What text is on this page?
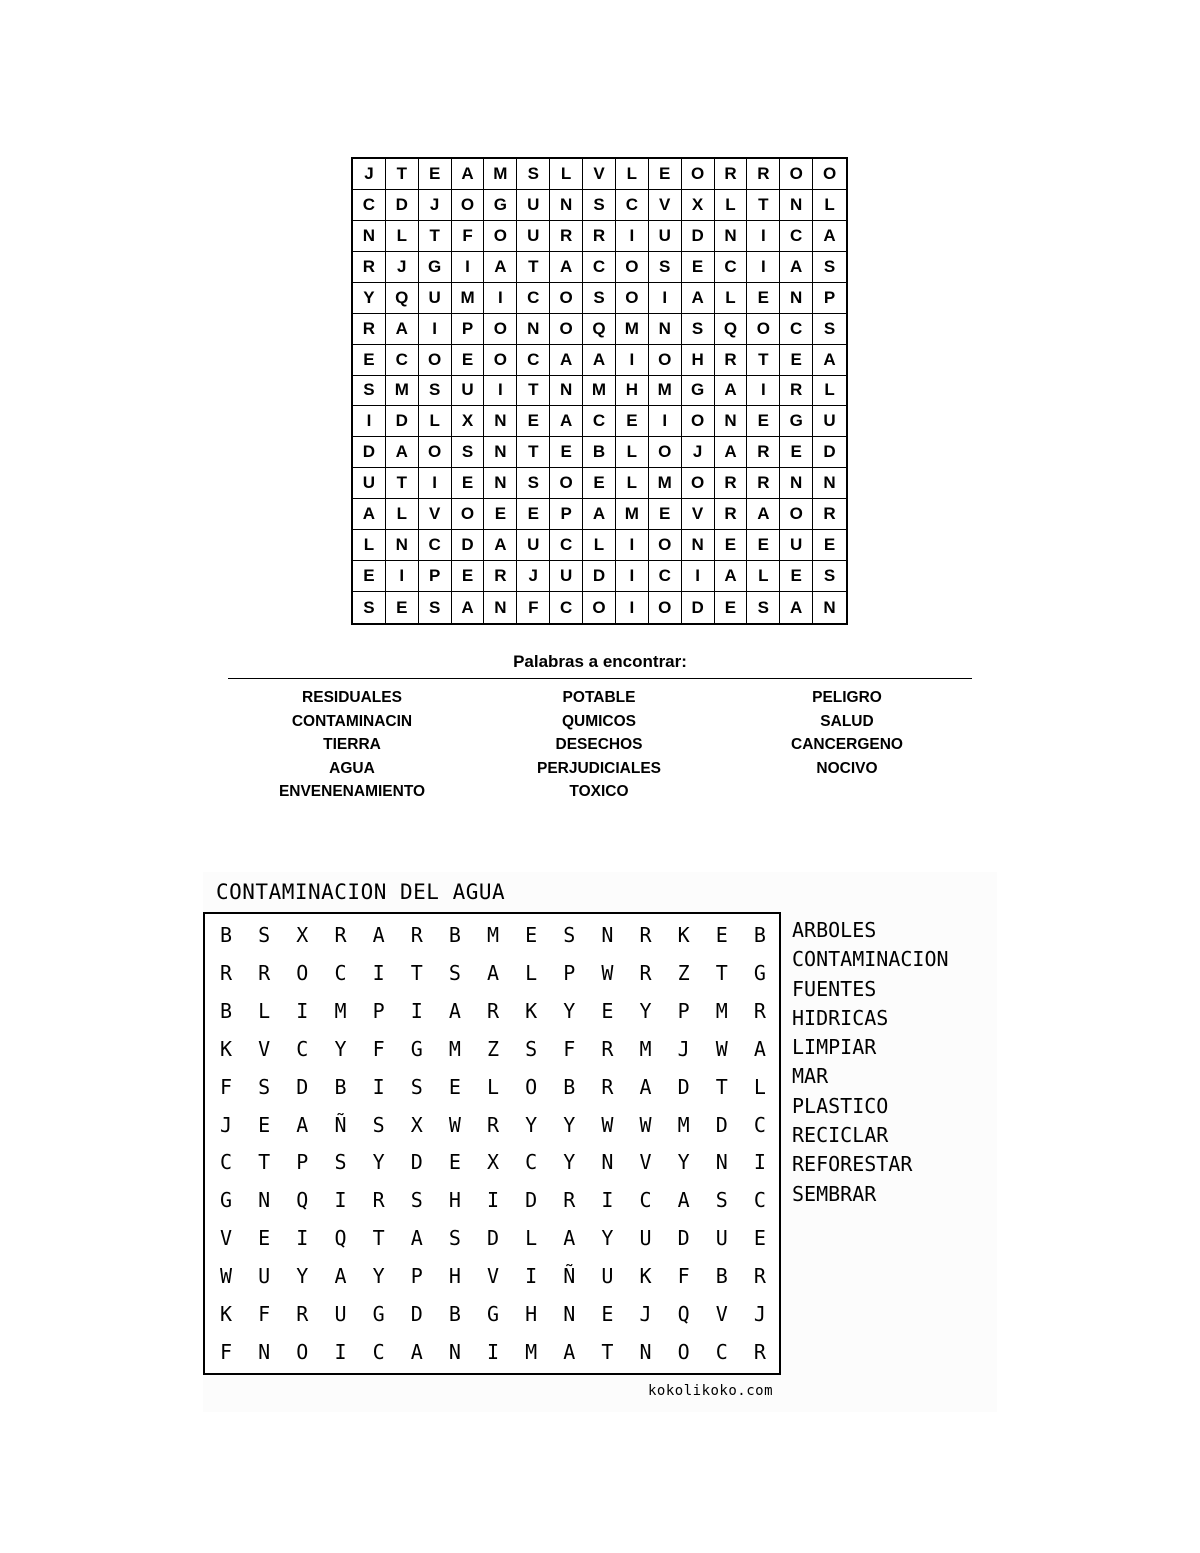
J	T	E	A	M	S	L	V	L	E	O	R	R	O	O
C	D	J	O	G	U	N	S	C	V	X	L	T	N	L
N	L	T	F	O	U	R	R	I	U	D	N	I	C	A
R	J	G	I	A	T	A	C	O	S	E	C	I	A	S
Y	Q	U	M	I	C	O	S	O	I	A	L	E	N	P
R	A	I	P	O	N	O	Q	M	N	S	Q	O	C	S
E	C	O	E	O	C	A	A	I	O	H	R	T	E	A
S	M	S	U	I	T	N	M	H	M	G	A	I	R	L
I	D	L	X	N	E	A	C	E	I	O	N	E	G	U
D	A	O	S	N	T	E	B	L	O	J	A	R	E	D
U	T	I	E	N	S	O	E	L	M	O	R	R	N	N
A	L	V	O	E	E	P	A	M	E	V	R	A	O	R
L	N	C	D	A	U	C	L	I	O	N	E	E	U	E
E	I	P	E	R	J	U	D	I	C	I	A	L	E	S
S	E	S	A	N	F	C	O	I	O	D	E	S	A	N
Palabras a encontrar:
RESIDUALES
CONTAMINACIN
TIERRA
AGUA
ENVENENAMIENTO
POTABLE
QUMICOS
DESECHOS
PERJUDICIALES
TOXICO
PELIGRO
SALUD
CANCERGENO
NOCIVO
CONTAMINACION DEL AGUA
B	S	X	R	A	R	B	M	E	S	N	R	K	E	B
R	R	O	C	I	T	S	A	L	P	W	R	Z	T	G
B	L	I	M	P	I	A	R	K	Y	E	Y	P	M	R
K	V	C	Y	F	G	M	Z	S	F	R	M	J	W	A
F	S	D	B	I	S	E	L	O	B	R	A	D	T	L
J	E	A	Ñ	S	X	W	R	Y	Y	W	W	M	D	C
C	T	P	S	Y	D	E	X	C	Y	N	V	Y	N	I
G	N	Q	I	R	S	H	I	D	R	I	C	A	S	C
V	E	I	Q	T	A	S	D	L	A	Y	U	D	U	E
W	U	Y	A	Y	P	H	V	I	Ñ	U	K	F	B	R
K	F	R	U	G	D	B	G	H	N	E	J	Q	V	J
F	N	O	I	C	A	N	I	M	A	T	N	O	C	R
ARBOLES
CONTAMINACION
FUENTES
HIDRICAS
LIMPIAR
MAR
PLASTICO
RECICLAR
REFORESTAR
SEMBRAR
kokolikoko.com
